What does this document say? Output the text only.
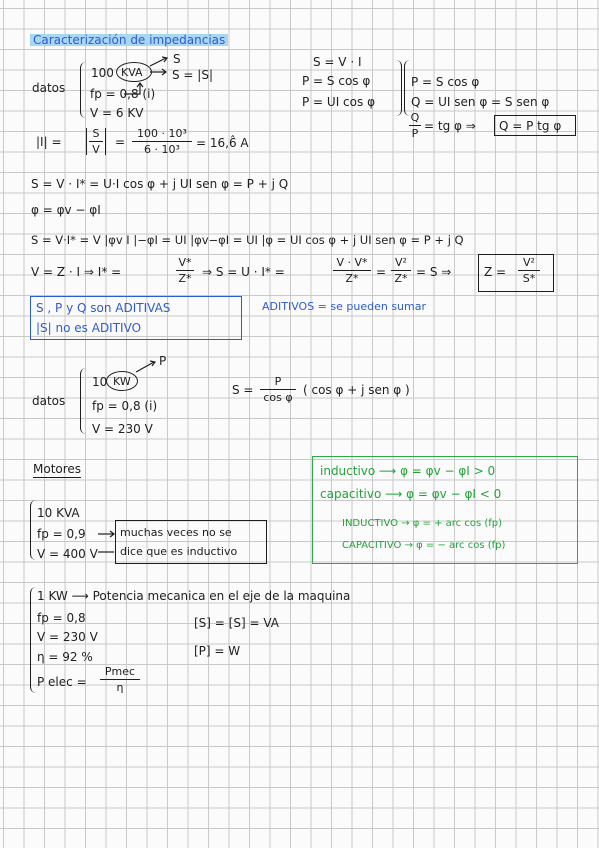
Caracterización de impedancias
datos
100 KVA
S
S = |S|
fp = 0,8 (i)
V = 6 KV
S = V · I
P = S cos φ
P = UI cos φ
P = S cos φ
Q = UI sen φ = S sen φ
$\frac{Q}{P}$ = tg φ ⇒ Q = P tg φ
$|I| = \frac{S}{V} = \frac{\text{100 · 10³}}{\text{6 · 10³}}$ = 16,6̂ A
S = V · I* = U·I cos φ + j UI sen φ = P + j Q
φ = φv − φI
S = V·I* = V |φv I |−φI = UI |φv−φI = UI |φ = UI cos φ + j UI sen φ = P + j Q
V = Z · I ⇒ I* =	$\frac{V*}{Z*}$ ⇒ S = U · I* =	$\frac{V \cdot V*}{Z*} = \frac{\text{V²}}{Z*} = S$ ⇒	$Z = \frac{\text{V²}}{S*}$
S , P y Q son ADITIVAS
|S| no es ADITIVO
ADITIVOS = se pueden sumar
datos
10 KW
P
fp = 0,8 (i)
V = 230 V
$S = \frac{P}{\text{cos φ}}$ ( cos φ + j sen φ )
Motores
10 KVA
fp = 0,9
V = 400 V
muchas veces no se
dice que es inductivo
inductivo ⟶ φ = φv − φI > 0
capacitivo ⟶ φ = φv − φI < 0
INDUCTIVO → φ = + arc cos (fp)
CAPACITIVO → φ = − arc cos (fp)
1 KW ⟶ Potencia mecanica en el eje de la maquina
fp = 0,8
V = 230 V
η = 92 %
P elec =
Pmec
η
[S] = [S] = VA
[P] = W
